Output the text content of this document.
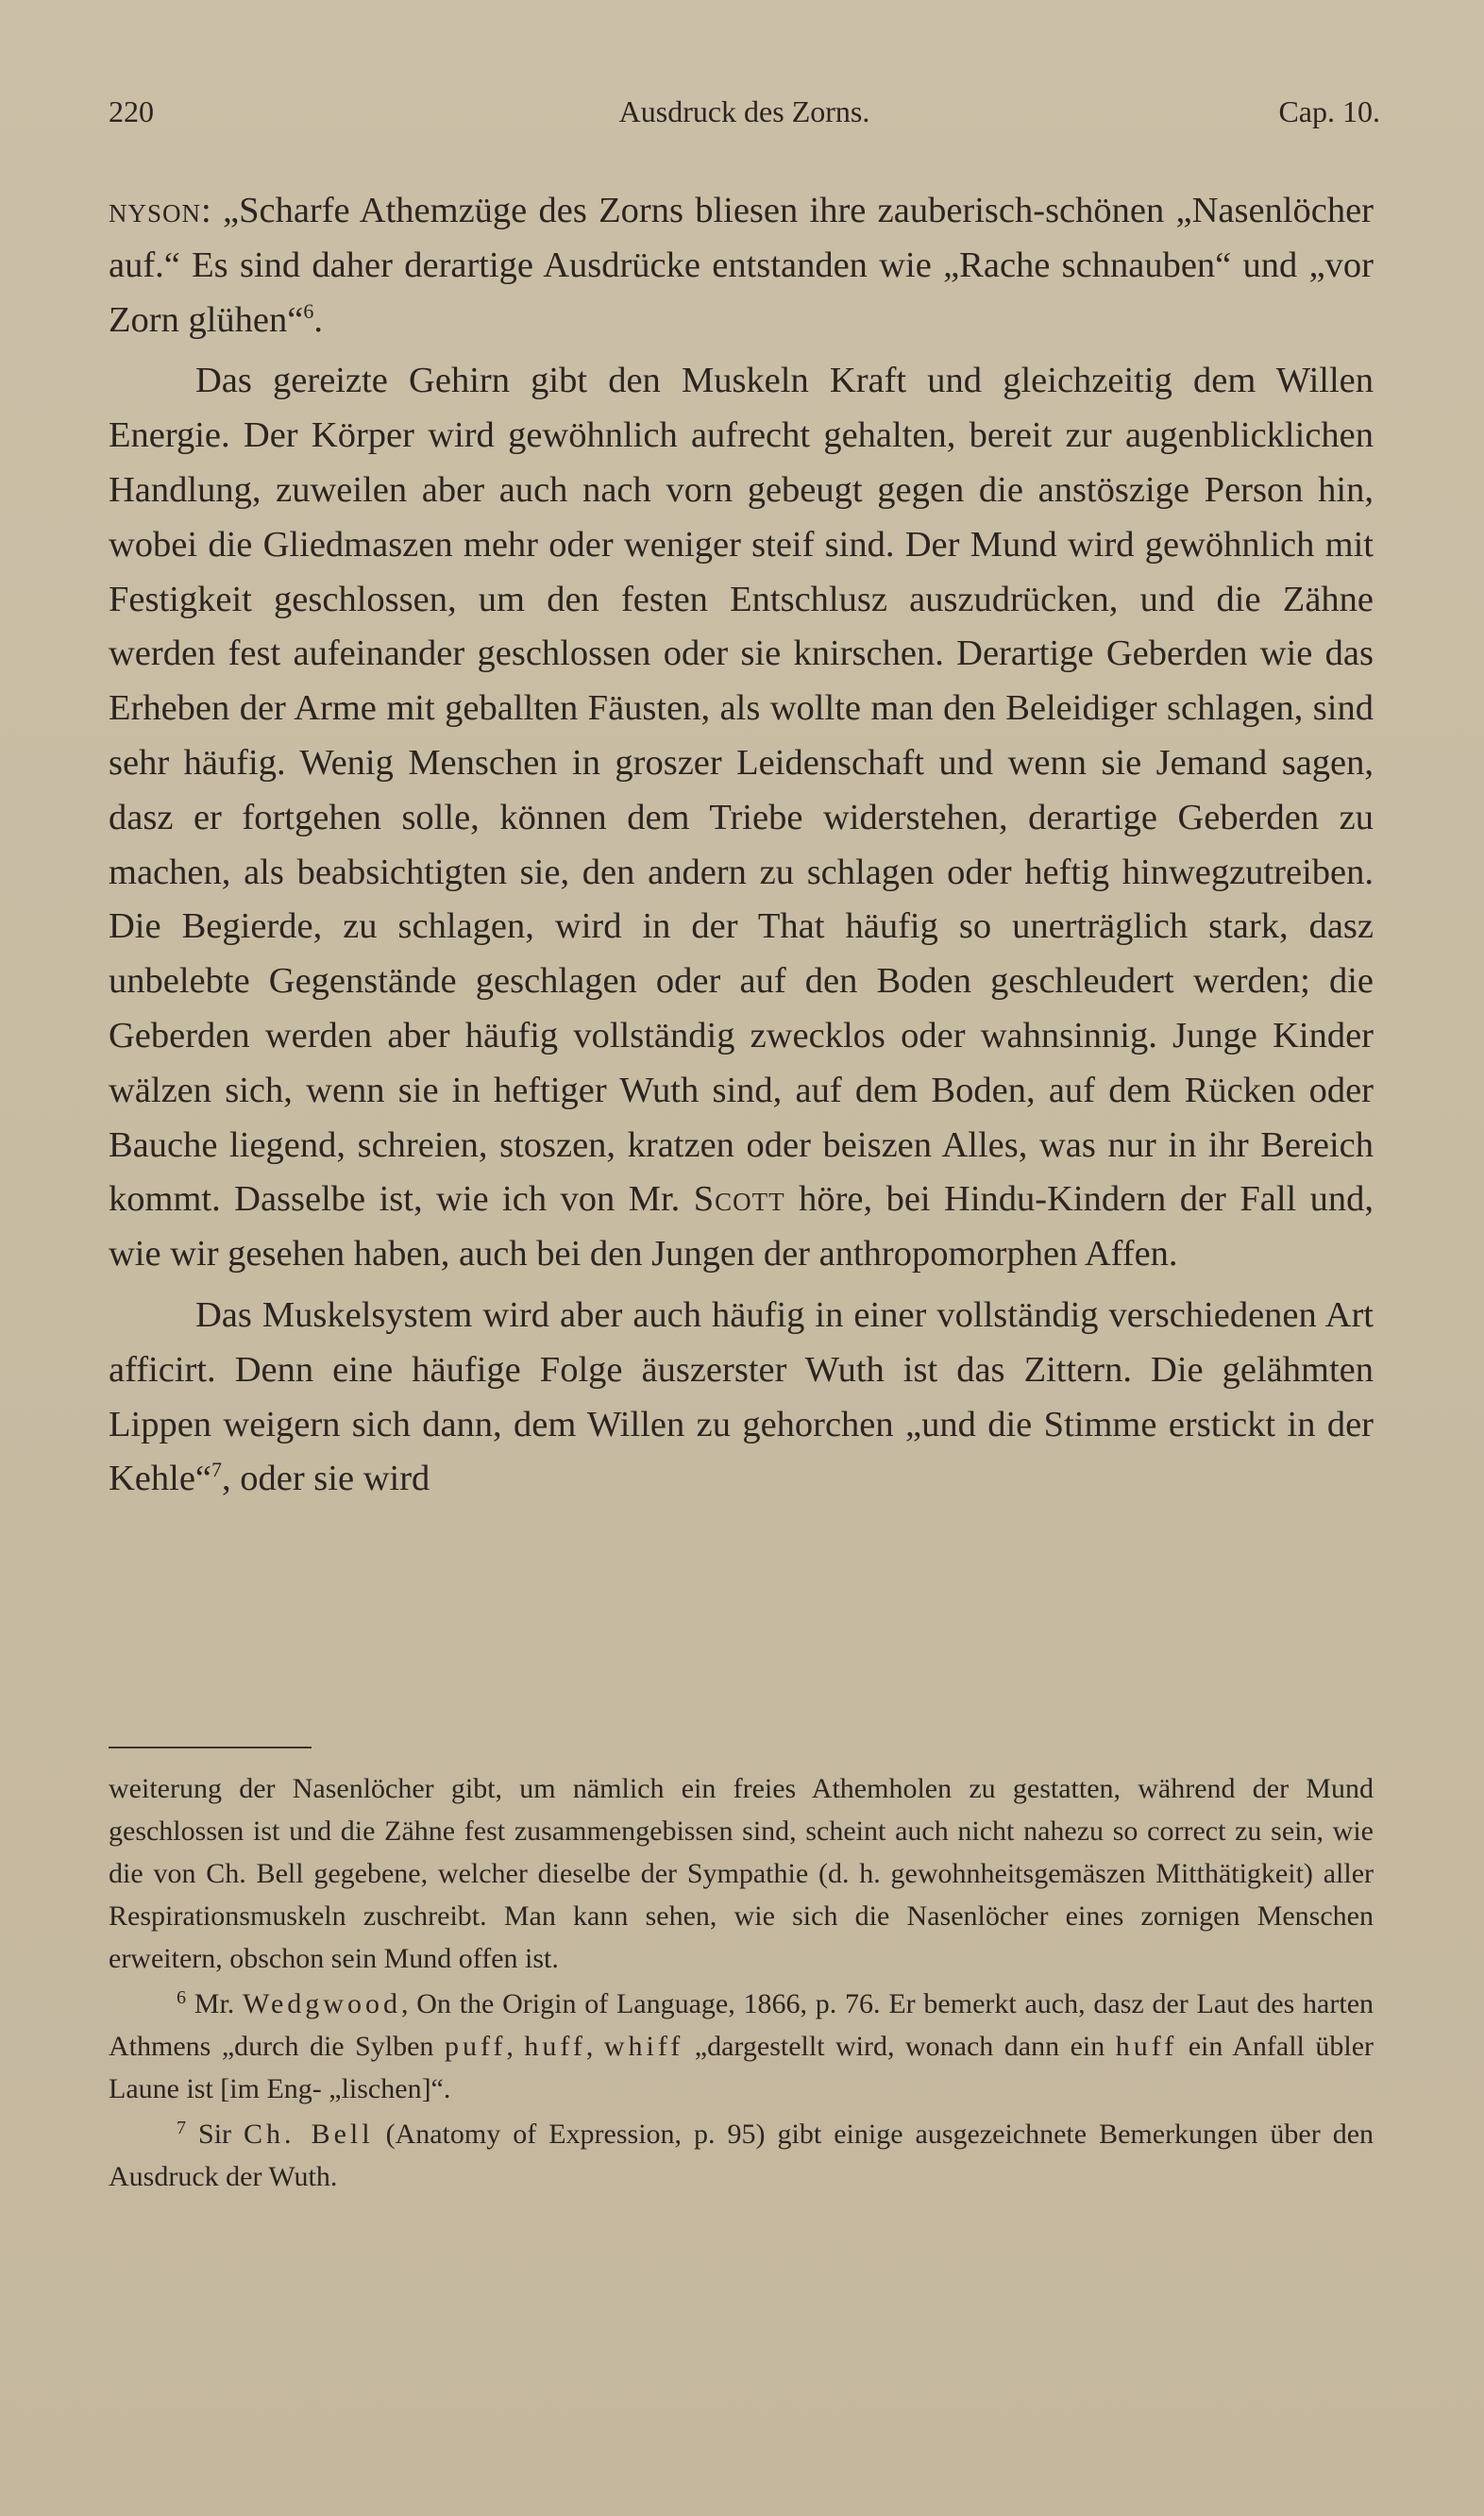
220	Ausdruck des Zorns.	Cap. 10.

nyson: „Scharfe Athemzüge des Zorns bliesen ihre zauberisch-schönen „Nasenlöcher auf.“ Es sind daher derartige Ausdrücke entstanden wie „Rache schnauben“ und „vor Zorn glühen“$^6$.

Das gereizte Gehirn gibt den Muskeln Kraft und gleichzeitig dem Willen Energie. Der Körper wird gewöhnlich aufrecht gehalten, bereit zur augenblicklichen Handlung, zuweilen aber auch nach vorn gebeugt gegen die anstöszige Person hin, wobei die Gliedmaszen mehr oder weniger steif sind. Der Mund wird gewöhnlich mit Festigkeit geschlossen, um den festen Entschlusz auszudrücken, und die Zähne werden fest aufeinander geschlossen oder sie knirschen. Derartige Geberden wie das Erheben der Arme mit geballten Fäusten, als wollte man den Beleidiger schlagen, sind sehr häufig. Wenig Menschen in groszer Leidenschaft und wenn sie Jemand sagen, dasz er fortgehen solle, können dem Triebe widerstehen, derartige Geberden zu machen, als beabsichtigten sie, den andern zu schlagen oder heftig hinwegzutreiben. Die Begierde, zu schlagen, wird in der That häufig so unerträglich stark, dasz unbelebte Gegenstände geschlagen oder auf den Boden geschleudert werden; die Geberden werden aber häufig vollständig zwecklos oder wahnsinnig. Junge Kinder wälzen sich, wenn sie in heftiger Wuth sind, auf dem Boden, auf dem Rücken oder Bauche liegend, schreien, stoszen, kratzen oder beiszen Alles, was nur in ihr Bereich kommt. Dasselbe ist, wie ich von Mr. Scott höre, bei Hindu-Kindern der Fall und, wie wir gesehen haben, auch bei den Jungen der anthropomorphen Affen.

Das Muskelsystem wird aber auch häufig in einer vollständig verschiedenen Art afficirt. Denn eine häufige Folge äuszerster Wuth ist das Zittern. Die gelähmten Lippen weigern sich dann, dem Willen zu gehorchen „und die Stimme erstickt in der Kehle“$^7$, oder sie wird

weiterung der Nasenlöcher gibt, um nämlich ein freies Athemholen zu gestatten, während der Mund geschlossen ist und die Zähne fest zusammengebissen sind, scheint auch nicht nahezu so correct zu sein, wie die von Ch. Bell gegebene, welcher dieselbe der Sympathie (d. h. gewohnheitsgemäszen Mitthätigkeit) aller Respirationsmuskeln zuschreibt. Man kann sehen, wie sich die Nasenlöcher eines zornigen Menschen erweitern, obschon sein Mund offen ist.

$^6$ Mr. Wedgwood, On the Origin of Language, 1866, p. 76. Er bemerkt auch, dasz der Laut des harten Athmens „durch die Sylben puff, huff, whiff „dargestellt wird, wonach dann ein huff ein Anfall übler Laune ist [im Eng- „lischen]“.

$^7$ Sir Ch. Bell (Anatomy of Expression, p. 95) gibt einige ausgezeichnete Bemerkungen über den Ausdruck der Wuth.
